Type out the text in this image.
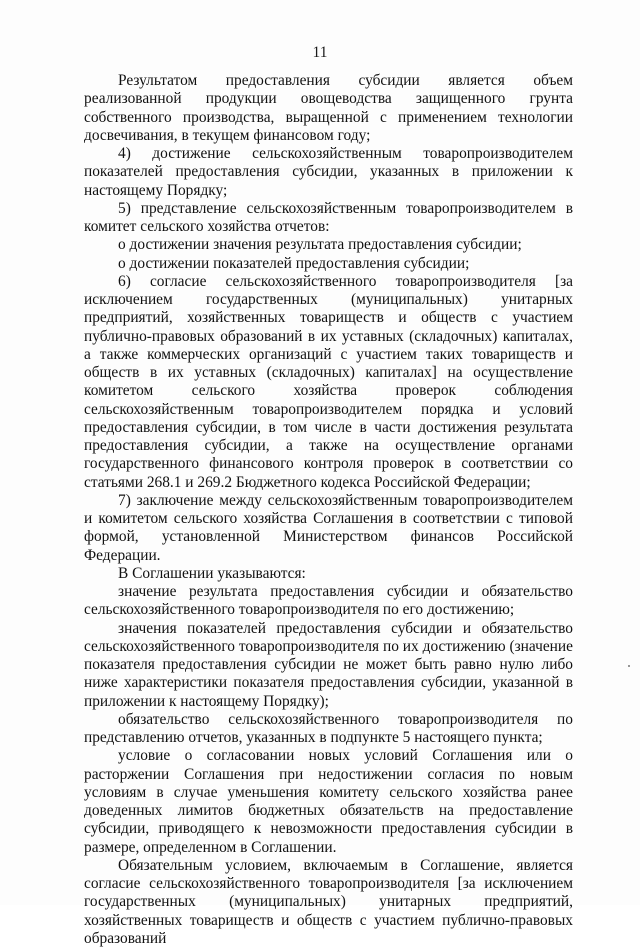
11

Результатом предоставления субсидии является объем реализованной продукции овощеводства защищенного грунта собственного производства, выращенной с применением технологии досвечивания, в текущем финансовом году;

4) достижение сельскохозяйственным товаропроизводителем показателей предоставления субсидии, указанных в приложении к настоящему Порядку;

5) представление сельскохозяйственным товаропроизводителем в комитет сельского хозяйства отчетов:

о достижении значения результата предоставления субсидии;

о достижении показателей предоставления субсидии;

6) согласие сельскохозяйственного товаропроизводителя [за исключением государственных (муниципальных) унитарных предприятий, хозяйственных товариществ и обществ с участием публично-правовых образований в их уставных (складочных) капиталах, а также коммерческих организаций с участием таких товариществ и обществ в их уставных (складочных) капиталах] на осуществление комитетом сельского хозяйства проверок соблюдения сельскохозяйственным товаропроизводителем порядка и условий предоставления субсидии, в том числе в части достижения результата предоставления субсидии, а также на осуществление органами государственного финансового контроля проверок в соответствии со статьями 268.1 и 269.2 Бюджетного кодекса Российской Федерации;

7) заключение между сельскохозяйственным товаропроизводителем и комитетом сельского хозяйства Соглашения в соответствии с типовой формой, установленной Министерством финансов Российской Федерации.

В Соглашении указываются:

значение результата предоставления субсидии и обязательство сельскохозяйственного товаропроизводителя по его достижению;

значения показателей предоставления субсидии и обязательство сельскохозяйственного товаропроизводителя по их достижению (значение показателя предоставления субсидии не может быть равно нулю либо ниже характеристики показателя предоставления субсидии, указанной в приложении к настоящему Порядку);

обязательство сельскохозяйственного товаропроизводителя по представлению отчетов, указанных в подпункте 5 настоящего пункта;

условие о согласовании новых условий Соглашения или о расторжении Соглашения при недостижении согласия по новым условиям в случае уменьшения комитету сельского хозяйства ранее доведенных лимитов бюджетных обязательств на предоставление субсидии, приводящего к невозможности предоставления субсидии в размере, определенном в Соглашении.

Обязательным условием, включаемым в Соглашение, является согласие сельскохозяйственного товаропроизводителя [за исключением государственных (муниципальных) унитарных предприятий, хозяйственных товариществ и обществ с участием публично-правовых образований
